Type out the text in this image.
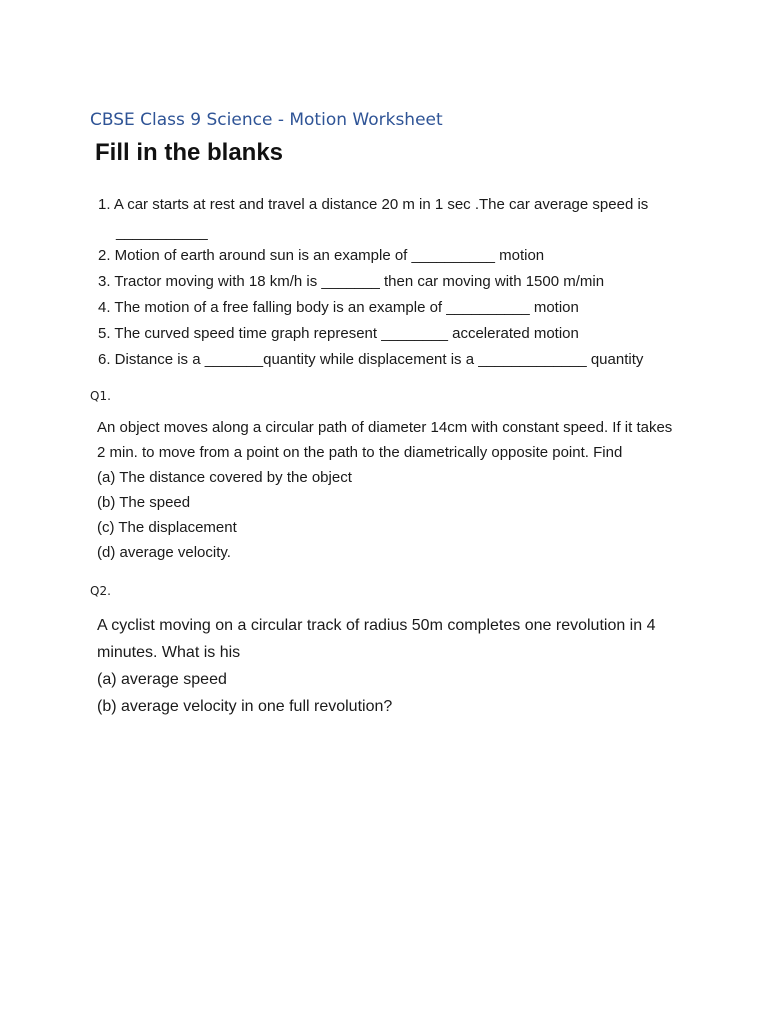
CBSE Class 9 Science - Motion Worksheet
Fill in the blanks
1. A car starts at rest and travel a distance 20 m in 1 sec .The car average speed is
___________
2. Motion of earth around sun is an example of __________ motion
3. Tractor moving with 18 km/h is _______ then car moving with 1500 m/min
4. The motion of a free falling body is an example of __________ motion
5. The curved speed time graph represent ________ accelerated motion
6. Distance is a _______quantity while displacement is a _____________ quantity
Q1.
An object moves along a circular path of diameter 14cm with constant speed. If it takes
2 min. to move from a point on the path to the diametrically opposite point. Find
(a) The distance covered by the object
(b) The speed
(c) The displacement
(d) average velocity.
Q2.
A cyclist moving on a circular track of radius 50m completes one revolution in 4
minutes. What is his
(a) average speed
(b) average velocity in one full revolution?
